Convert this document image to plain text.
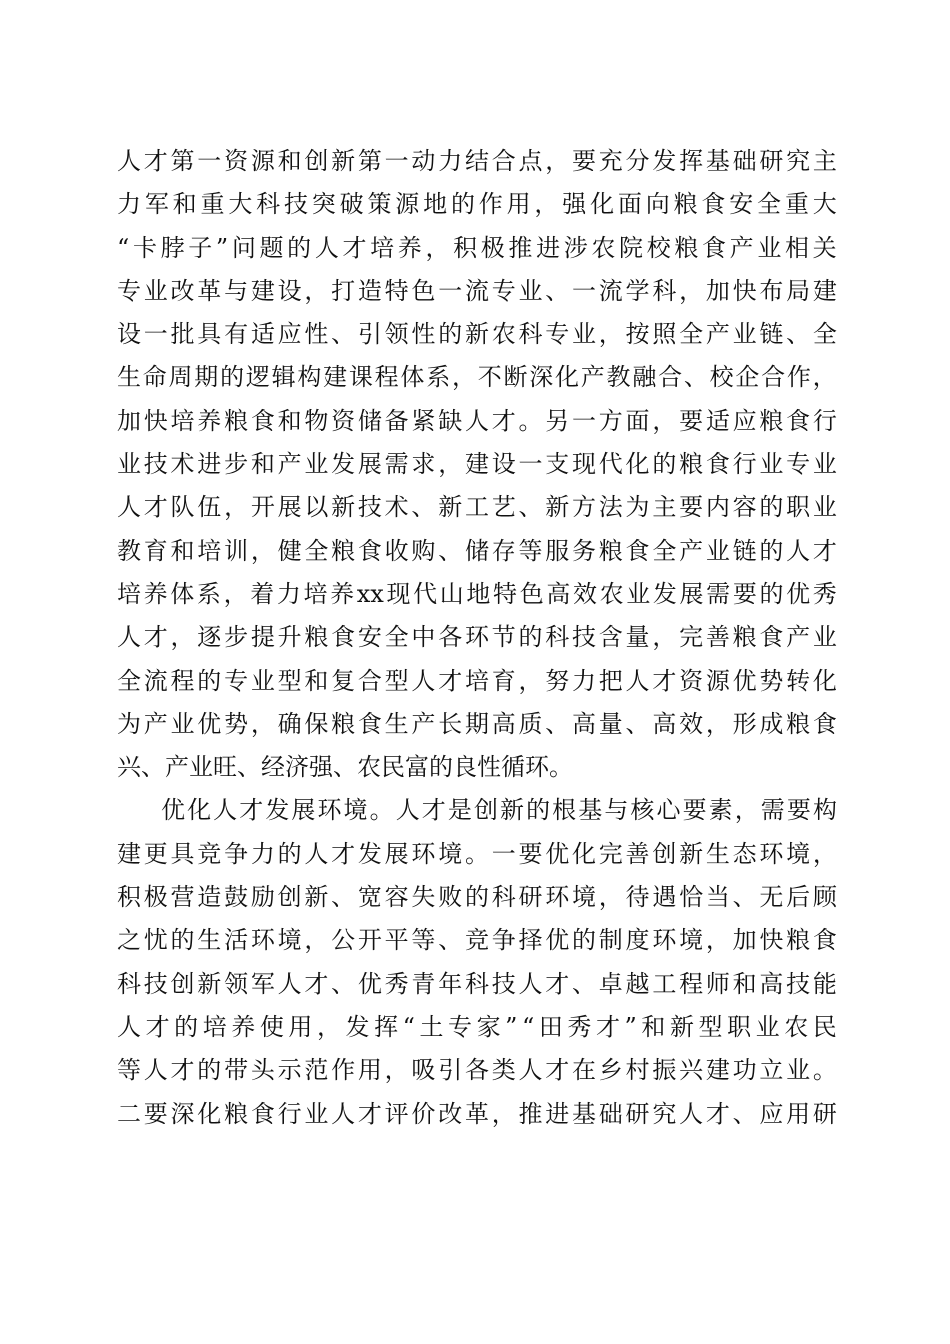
人 才 第 一 资 源 和 创 新 第 一 动 力 结 合 点 ， 要 充 分 发 挥 基 础 研 究 主
力 军 和 重 大 科 技 突 破 策 源 地 的 作 用 ， 强 化 面 向 粮 食 安 全 重 大
“ 卡 脖 子 ” 问 题 的 人 才 培 养 ， 积 极 推 进 涉 农 院 校 粮 食 产 业 相 关
专 业 改 革 与 建 设 ， 打 造 特 色 一 流 专 业 、 一 流 学 科 ， 加 快 布 局 建
设 一 批 具 有 适 应 性 、 引 领 性 的 新 农 科 专 业 ， 按 照 全 产 业 链 、 全
生 命 周 期 的 逻 辑 构 建 课 程 体 系 ， 不 断 深 化 产 教 融 合 、 校 企 合 作 ，
加 快 培 养 粮 食 和 物 资 储 备 紧 缺 人 才 。 另 一 方 面 ， 要 适 应 粮 食 行
业 技 术 进 步 和 产 业 发 展 需 求 ， 建 设 一 支 现 代 化 的 粮 食 行 业 专 业
人 才 队 伍 ， 开 展 以 新 技 术 、 新 工 艺 、 新 方 法 为 主 要 内 容 的 职 业
教 育 和 培 训 ， 健 全 粮 食 收 购 、 储 存 等 服 务 粮 食 全 产 业 链 的 人 才
培 养 体 系 ， 着 力 培 养 xx 现 代 山 地 特 色 高 效 农 业 发 展 需 要 的 优 秀
人 才 ， 逐 步 提 升 粮 食 安 全 中 各 环 节 的 科 技 含 量 ， 完 善 粮 食 产 业
全 流 程 的 专 业 型 和 复 合 型 人 才 培 育 ， 努 力 把 人 才 资 源 优 势 转 化
为 产 业 优 势 ， 确 保 粮 食 生 产 长 期 高 质 、 高 量 、 高 效 ， 形 成 粮 食
兴、产业旺、经济强、农民富的良性循环。
优 化 人 才 发 展 环 境 。 人 才 是 创 新 的 根 基 与 核 心 要 素 ， 需 要 构
建 更 具 竞 争 力 的 人 才 发 展 环 境 。 一 要 优 化 完 善 创 新 生 态 环 境 ，
积 极 营 造 鼓 励 创 新 、 宽 容 失 败 的 科 研 环 境 ， 待 遇 恰 当 、 无 后 顾
之 忧 的 生 活 环 境 ， 公 开 平 等 、 竞 争 择 优 的 制 度 环 境 ， 加 快 粮 食
科 技 创 新 领 军 人 才 、 优 秀 青 年 科 技 人 才 、 卓 越 工 程 师 和 高 技 能
人 才 的 培 养 使 用 ， 发 挥 “ 土 专 家 ” “ 田 秀 才 ” 和 新 型 职 业 农 民
等 人 才 的 带 头 示 范 作 用 ， 吸 引 各 类 人 才 在 乡 村 振 兴 建 功 立 业 。
二 要 深 化 粮 食 行 业 人 才 评 价 改 革 ， 推 进 基 础 研 究 人 才 、 应 用 研
